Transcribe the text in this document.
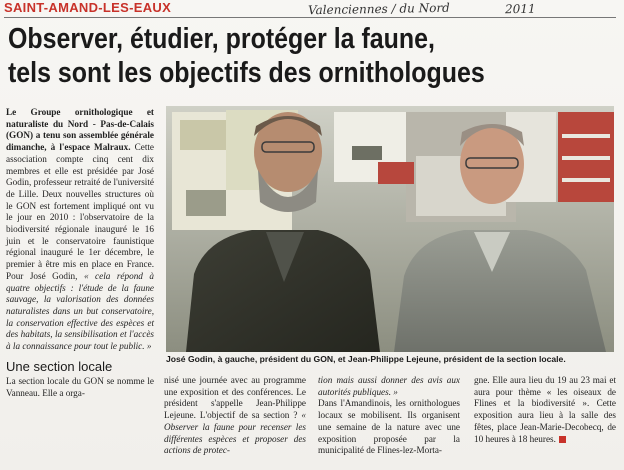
SAINT-AMAND-LES-EAUX	Valenciennes / du Nord	2011
Observer, étudier, protéger la faune,
tels sont les objectifs des ornithologues

Le Groupe ornithologique et naturaliste du Nord - Pas-de-Calais (GON) a tenu son assemblée générale dimanche, à l'espace Malraux. Cette association compte cinq cent dix membres et elle est présidée par José Godin, professeur retraité de l'université de Lille. Deux nouvelles structures où le GON est fortement impliqué ont vu le jour en 2010 : l'observatoire de la biodiversité régionale inauguré le 16 juin et le conservatoire faunistique régional inauguré le 1er décembre, le premier à être mis en place en France. Pour José Godin, « cela répond à quatre objectifs : l'étude de la faune sauvage, la valorisation des données naturalistes dans un but conservatoire, la conservation effective des espèces et des habitats, la sensibilisation et l'accès à la connaissance pour tout le public. »

Une section locale

La section locale du GON se nomme le Vanneau. Elle a orga-

José Godin, à gauche, président du GON, et Jean-Philippe Lejeune, président de la section locale.

nisé une journée avec au programme une exposition et des conférences. Le président s'appelle Jean-Philippe Lejeune. L'objectif de sa section ? « Observer la faune pour recenser les différentes espèces et proposer des actions de protec-

tion mais aussi donner des avis aux autorités publiques. »

Dans l'Amandinois, les ornithologues locaux se mobilisent. Ils organisent une semaine de la nature avec une exposition proposée par la municipalité de Flines-lez-Morta-

gne. Elle aura lieu du 19 au 23 mai et aura pour thème « les oiseaux de Flines et la biodiversité ». Cette exposition aura lieu à la salle des fêtes, place Jean-Marie-Decobecq, de 10 heures à 18 heures.
